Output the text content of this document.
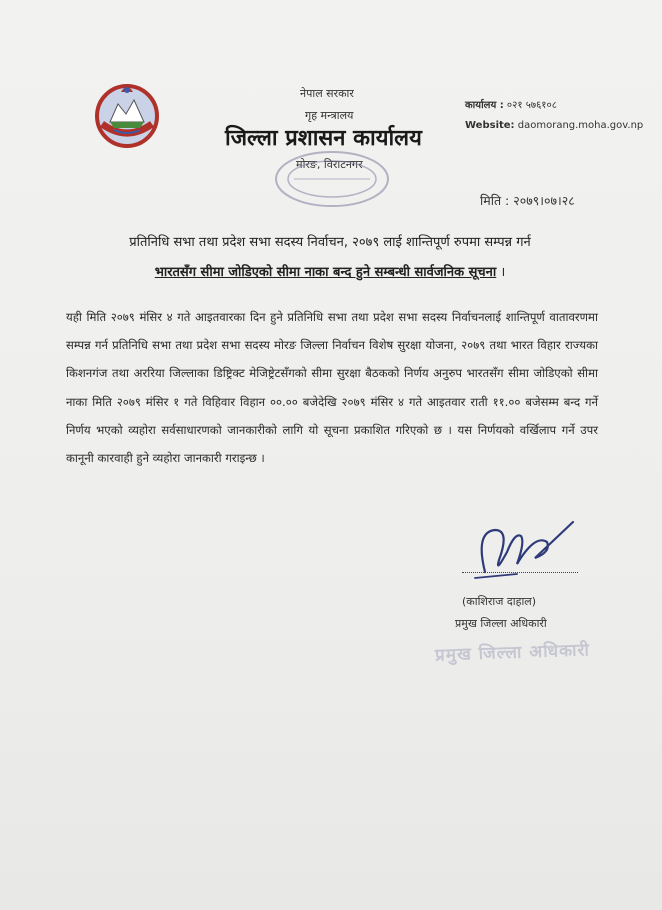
नेपाल सरकार
गृह मन्त्रालय
जिल्ला प्रशासन कार्यालय
मोरङ, विराटनगर
कार्यालय : ०२१ ५७६१०८
Website: daomorang.moha.gov.np
मिति : २०७९।०७।२८
प्रतिनिधि सभा तथा प्रदेश सभा सदस्य निर्वाचन, २०७९ लाई शान्तिपूर्ण रुपमा सम्पन्न गर्न
भारतसँग सीमा जोडिएको सीमा नाका बन्द हुने सम्बन्धी सार्वजनिक सूचना ।
यही मिति २०७९ मंसिर ४ गते आइतवारका दिन हुने प्रतिनिधि सभा तथा प्रदेश सभा सदस्य निर्वाचनलाई शान्तिपूर्ण वातावरणमा सम्पन्न गर्न प्रतिनिधि सभा तथा प्रदेश सभा सदस्य मोरङ जिल्ला निर्वाचन विशेष सुरक्षा योजना, २०७९ तथा भारत विहार राज्यका किशनगंज तथा अररिया जिल्लाका डिष्ट्रिक्ट मेजिष्ट्रेटसँगको सीमा सुरक्षा बैठकको निर्णय अनुरुप भारतसँग सीमा जोडिएको सीमा नाका मिति २०७९ मंसिर १ गते विहिवार विहान ००.०० बजेदेखि २०७९ मंसिर ४ गते आइतवार राती ११.०० बजेसम्म बन्द गर्ने निर्णय भएको व्यहोरा सर्वसाधारणको जानकारीको लागि यो सूचना प्रकाशित गरिएको छ । यस निर्णयको वर्खिलाप गर्ने उपर कानूनी कारवाही हुने व्यहोरा जानकारी गराइन्छ ।
(काशिराज दाहाल)
प्रमुख जिल्ला अधिकारी
प्रमुख जिल्ला अधिकारी
